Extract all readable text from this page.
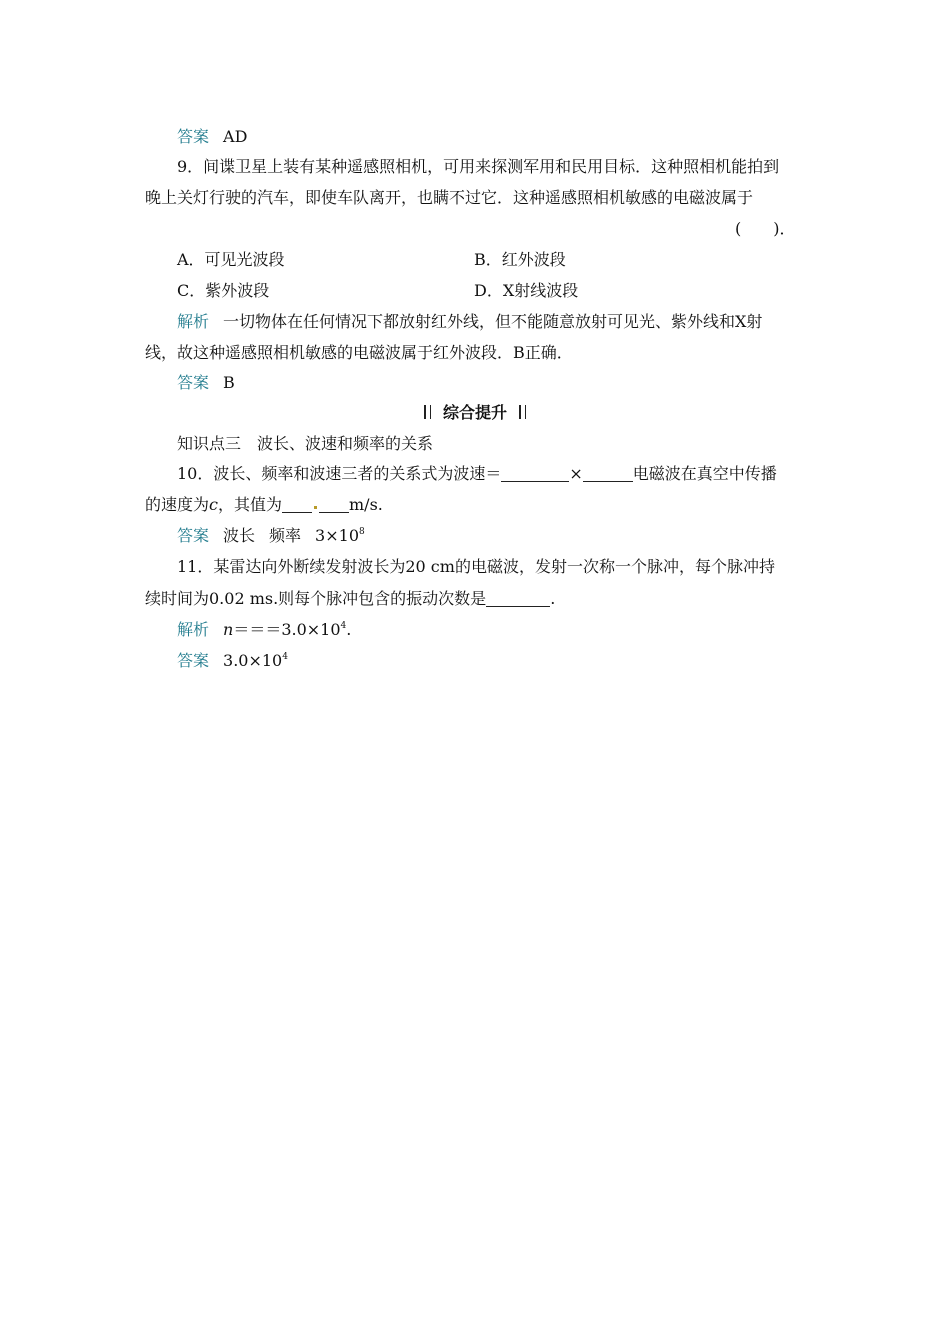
答案 AD
9．间谍卫星上装有某种遥感照相机，可用来探测军用和民用目标．这种照相机能拍到
晚上关灯行驶的汽车，即使车队离开，也瞒不过它．这种遥感照相机敏感的电磁波属于
(　　)．
A．可见光波段	B．红外波段
C．紫外波段	D．X射线波段
解析 一切物体在任何情况下都放射红外线，但不能随意放射可见光、紫外线和X射
线，故这种遥感照相机敏感的电磁波属于红外波段．B正确．
答案 B
综合提升
知识点三　波长、波速和频率的关系
10．波长、频率和波速三者的关系式为波速＝	×	电磁波在真空中传播
的速度为c，其值为	m/s.
答案 波长 频率 $3\times 10^8$
11．某雷达向外断续发射波长为20 cm的电磁波，发射一次称一个脉冲，每个脉冲持
续时间为0.02 ms.则每个脉冲包含的振动次数是	.
解析 $n===3.0\times 10^4$.
答案 $3.0\times 10^4$
